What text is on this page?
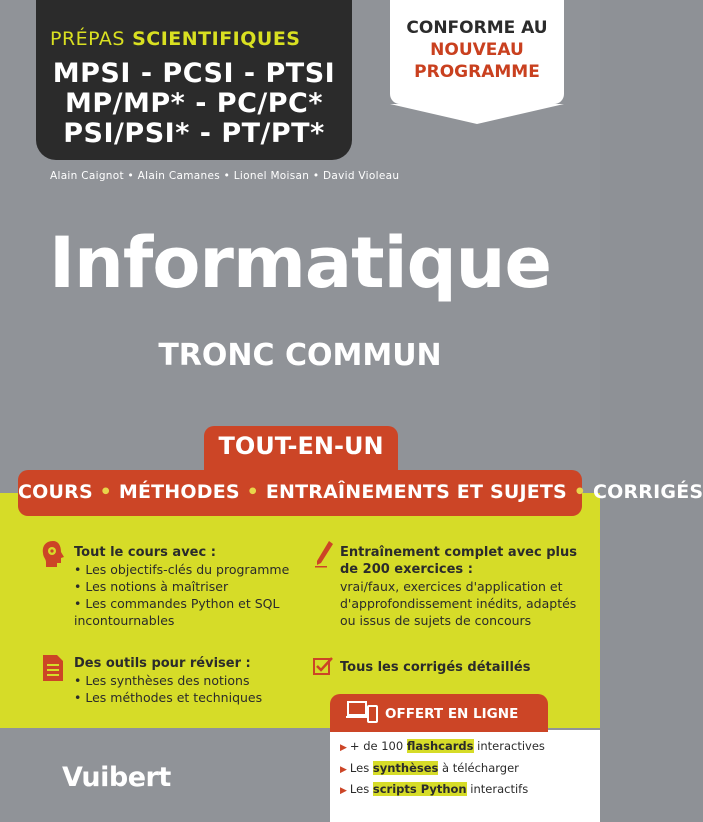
PRÉPAS SCIENTIFIQUES
MPSI - PCSI - PTSI
MP/MP* - PC/PC*
PSI/PSI* - PT/PT*
CONFORME AU
NOUVEAU
PROGRAMME
Alain Caignot • Alain Camanes • Lionel Moisan • David Violeau
Informatique
TRONC COMMUN
TOUT-EN-UN
COURS • MÉTHODES • ENTRAÎNEMENTS ET SUJETS • CORRIGÉS
Tout le cours avec :
• Les objectifs-clés du programme
• Les notions à maîtriser
• Les commandes Python et SQL incontournables
Des outils pour réviser :
• Les synthèses des notions
• Les méthodes et techniques
Entraînement complet avec plus de 200 exercices :

vrai/faux, exercices d'application et d'approfondissement inédits, adaptés ou issus de sujets de concours

Tous les corrigés détaillés
OFFERT EN LIGNE
▶ + de 100 flashcards interactives
▶ Les synthèses à télécharger
▶ Les scripts Python interactifs
Vuibert
